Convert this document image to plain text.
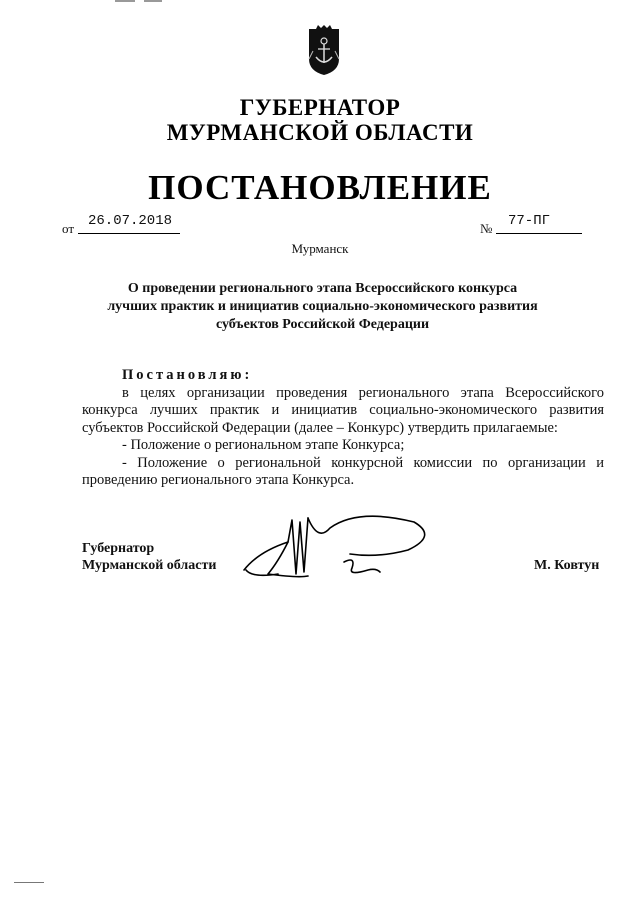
ГУБЕРНАТОР
МУРМАНСКОЙ ОБЛАСТИ
ПОСТАНОВЛЕНИЕ
от 26.07.2018	№ 77-ПГ
Мурманск
О проведении регионального этапа Всероссийского конкурса
лучших практик и инициатив социально-экономического развития
субъектов Российской Федерации
Постановляю:

в целях организации проведения регионального этапа Всероссийского конкурса лучших практик и инициатив социально-экономического развития субъектов Российской Федерации (далее – Конкурс) утвердить прилагаемые:

- Положение о региональном этапе Конкурса;

- Положение о региональной конкурсной комиссии по организации и проведению регионального этапа Конкурса.

Губернатор
Мурманской области	М. Ковтун
